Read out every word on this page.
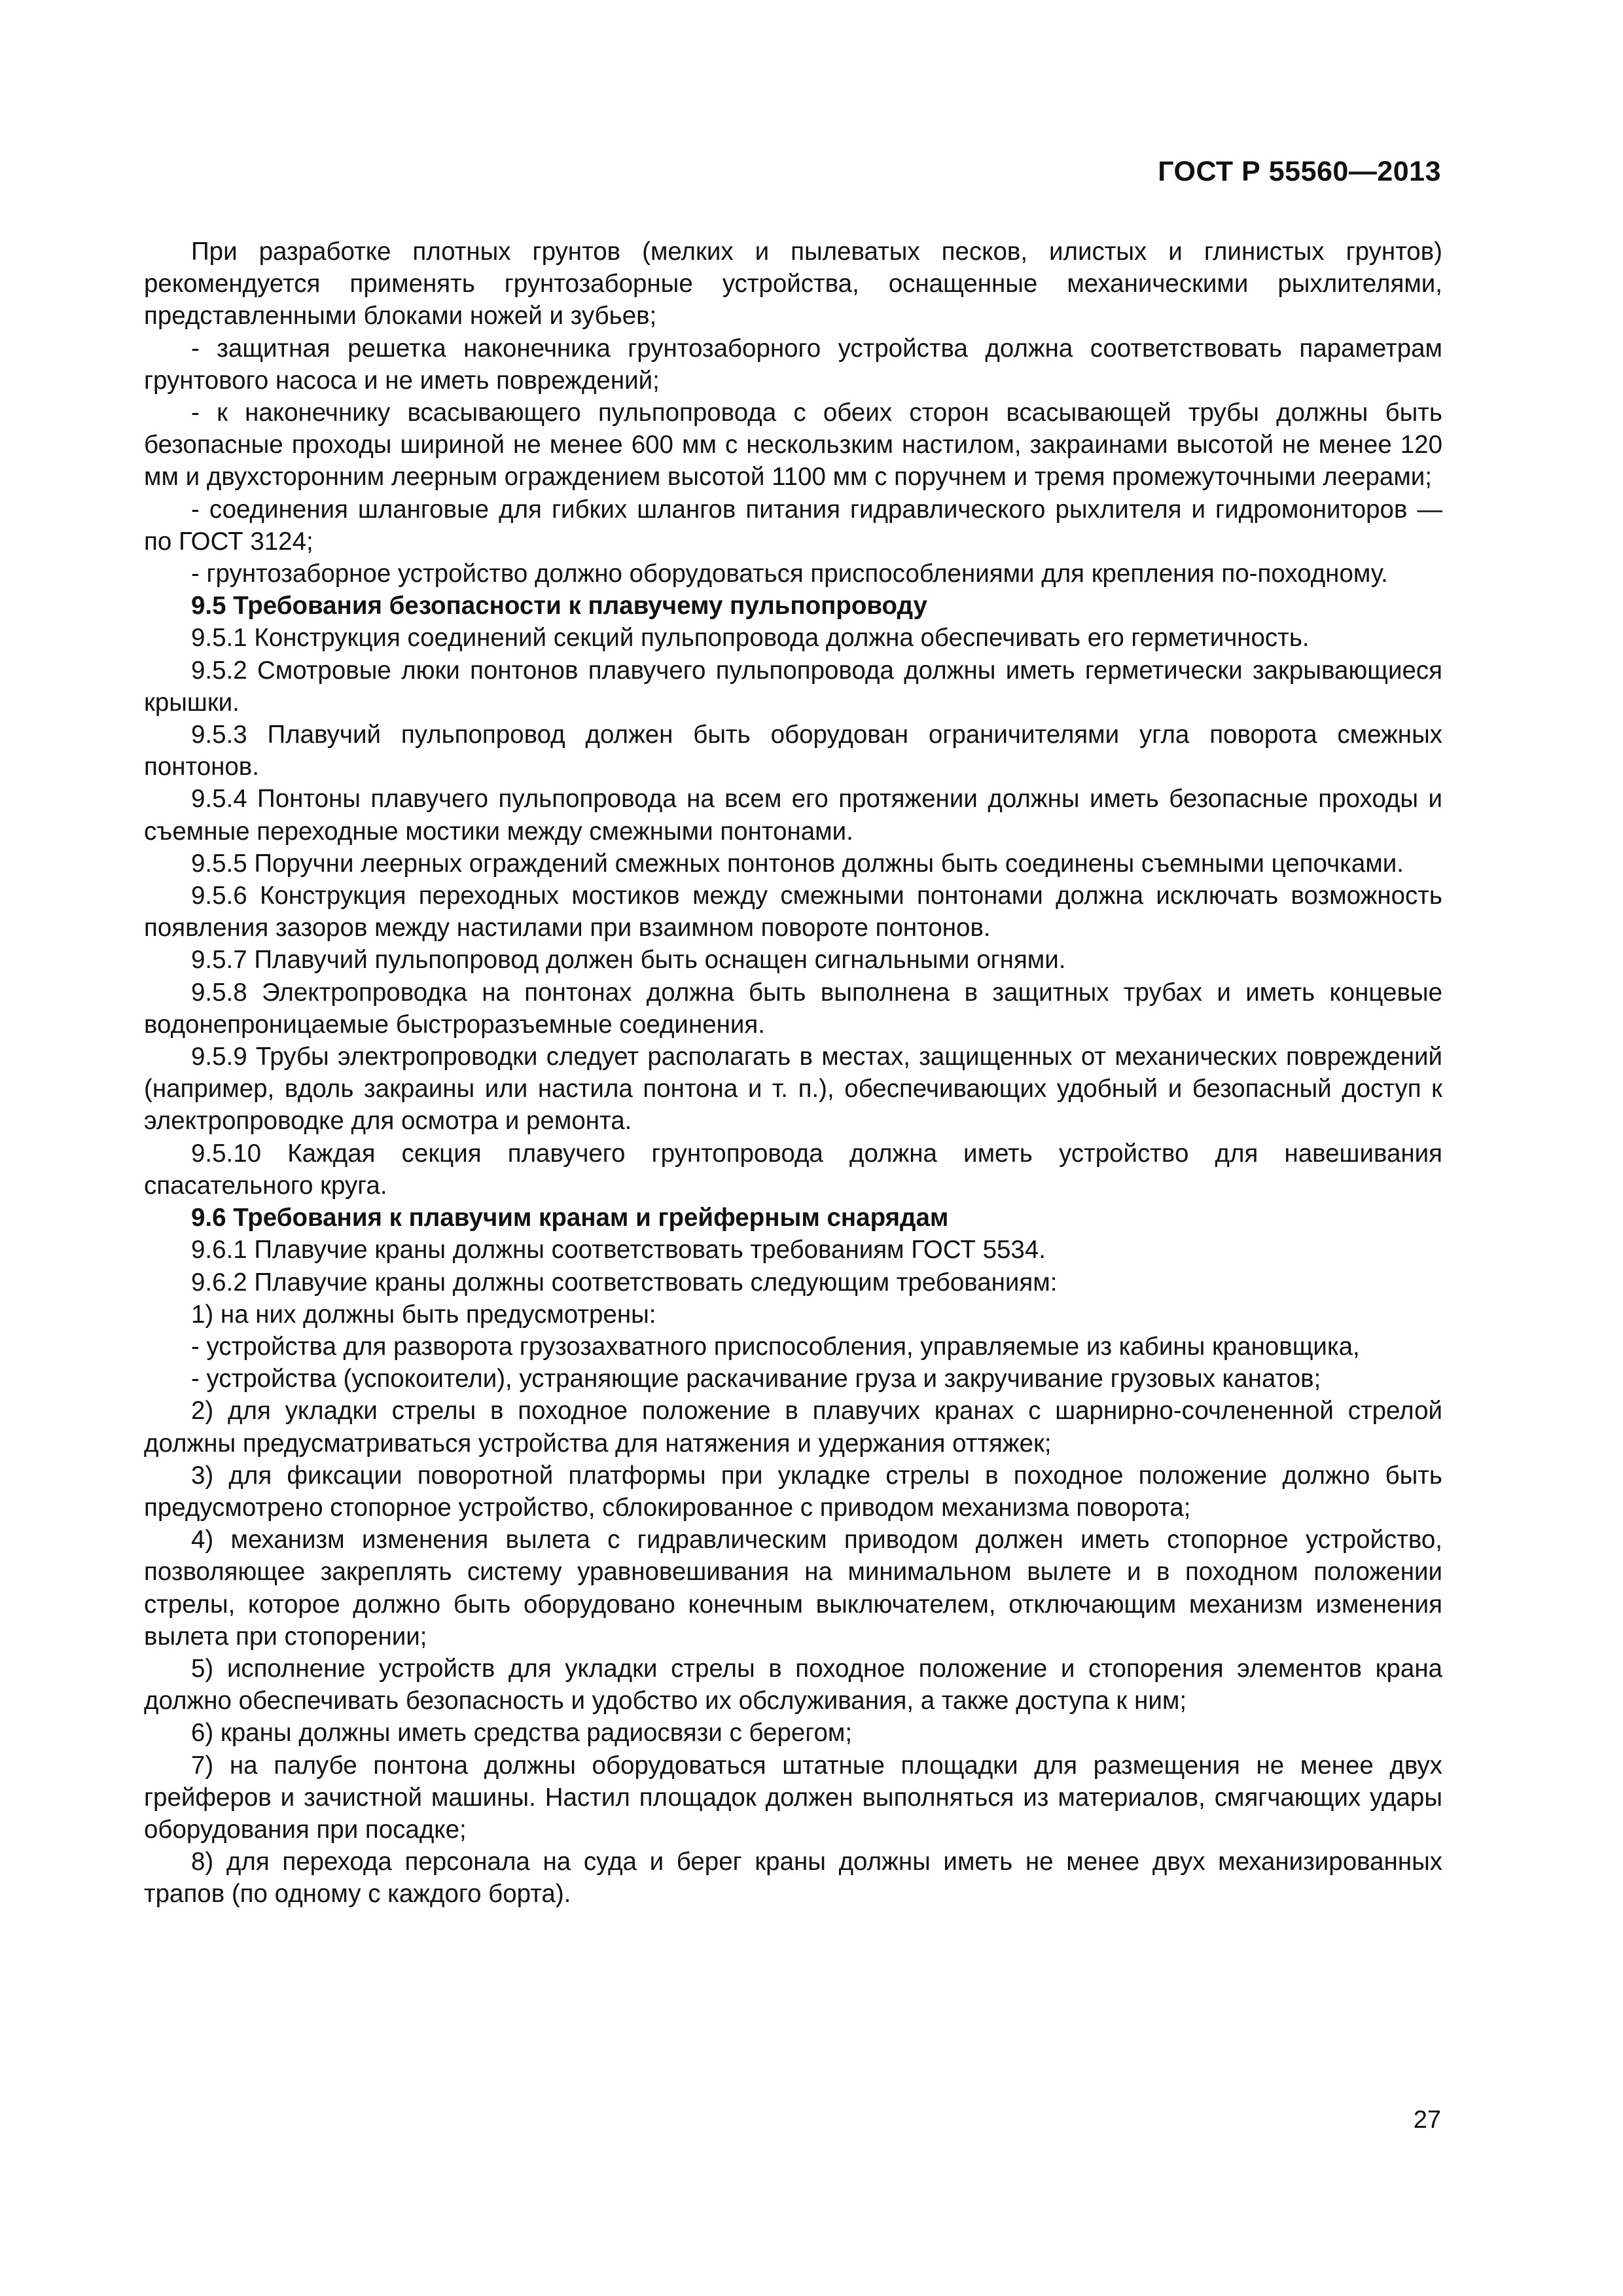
ГОСТ Р 55560—2013

При разработке плотных грунтов (мелких и пылеватых песков, илистых и глинистых грунтов) рекомендуется применять грунтозаборные устройства, оснащенные механическими рыхлителями, представленными блоками ножей и зубьев;

- защитная решетка наконечника грунтозаборного устройства должна соответствовать параметрам грунтового насоса и не иметь повреждений;

- к наконечнику всасывающего пульпопровода с обеих сторон всасывающей трубы должны быть безопасные проходы шириной не менее 600 мм с нескользким настилом, закраинами высотой не менее 120 мм и двухсторонним леерным ограждением высотой 1100 мм с поручнем и тремя промежуточными леерами;

- соединения шланговые для гибких шлангов питания гидравлического рыхлителя и гидромониторов — по ГОСТ 3124;

- грунтозаборное устройство должно оборудоваться приспособлениями для крепления по-походному.

9.5 Требования безопасности к плавучему пульпопроводу

9.5.1 Конструкция соединений секций пульпопровода должна обеспечивать его герметичность.

9.5.2 Смотровые люки понтонов плавучего пульпопровода должны иметь герметически закрывающиеся крышки.

9.5.3 Плавучий пульпопровод должен быть оборудован ограничителями угла поворота смежных понтонов.

9.5.4 Понтоны плавучего пульпопровода на всем его протяжении должны иметь безопасные проходы и съемные переходные мостики между смежными понтонами.

9.5.5 Поручни леерных ограждений смежных понтонов должны быть соединены съемными цепочками.

9.5.6 Конструкция переходных мостиков между смежными понтонами должна исключать возможность появления зазоров между настилами при взаимном повороте понтонов.

9.5.7 Плавучий пульпопровод должен быть оснащен сигнальными огнями.

9.5.8 Электропроводка на понтонах должна быть выполнена в защитных трубах и иметь концевые водонепроницаемые быстроразъемные соединения.

9.5.9 Трубы электропроводки следует располагать в местах, защищенных от механических повреждений (например, вдоль закраины или настила понтона и т. п.), обеспечивающих удобный и безопасный доступ к электропроводке для осмотра и ремонта.

9.5.10 Каждая секция плавучего грунтопровода должна иметь устройство для навешивания спасательного круга.

9.6 Требования к плавучим кранам и грейферным снарядам

9.6.1 Плавучие краны должны соответствовать требованиям ГОСТ 5534.

9.6.2 Плавучие краны должны соответствовать следующим требованиям:

1) на них должны быть предусмотрены:

- устройства для разворота грузозахватного приспособления, управляемые из кабины крановщика,

- устройства (успокоители), устраняющие раскачивание груза и закручивание грузовых канатов;

2) для укладки стрелы в походное положение в плавучих кранах с шарнирно-сочлененной стрелой должны предусматриваться устройства для натяжения и удержания оттяжек;

3) для фиксации поворотной платформы при укладке стрелы в походное положение должно быть предусмотрено стопорное устройство, сблокированное с приводом механизма поворота;

4) механизм изменения вылета с гидравлическим приводом должен иметь стопорное устройство, позволяющее закреплять систему уравновешивания на минимальном вылете и в походном положении стрелы, которое должно быть оборудовано конечным выключателем, отключающим механизм изменения вылета при стопорении;

5) исполнение устройств для укладки стрелы в походное положение и стопорения элементов крана должно обеспечивать безопасность и удобство их обслуживания, а также доступа к ним;

6) краны должны иметь средства радиосвязи с берегом;

7) на палубе понтона должны оборудоваться штатные площадки для размещения не менее двух грейферов и зачистной машины. Настил площадок должен выполняться из материалов, смягчающих удары оборудования при посадке;

8) для перехода персонала на суда и берег краны должны иметь не менее двух механизированных трапов (по одному с каждого борта).

27
